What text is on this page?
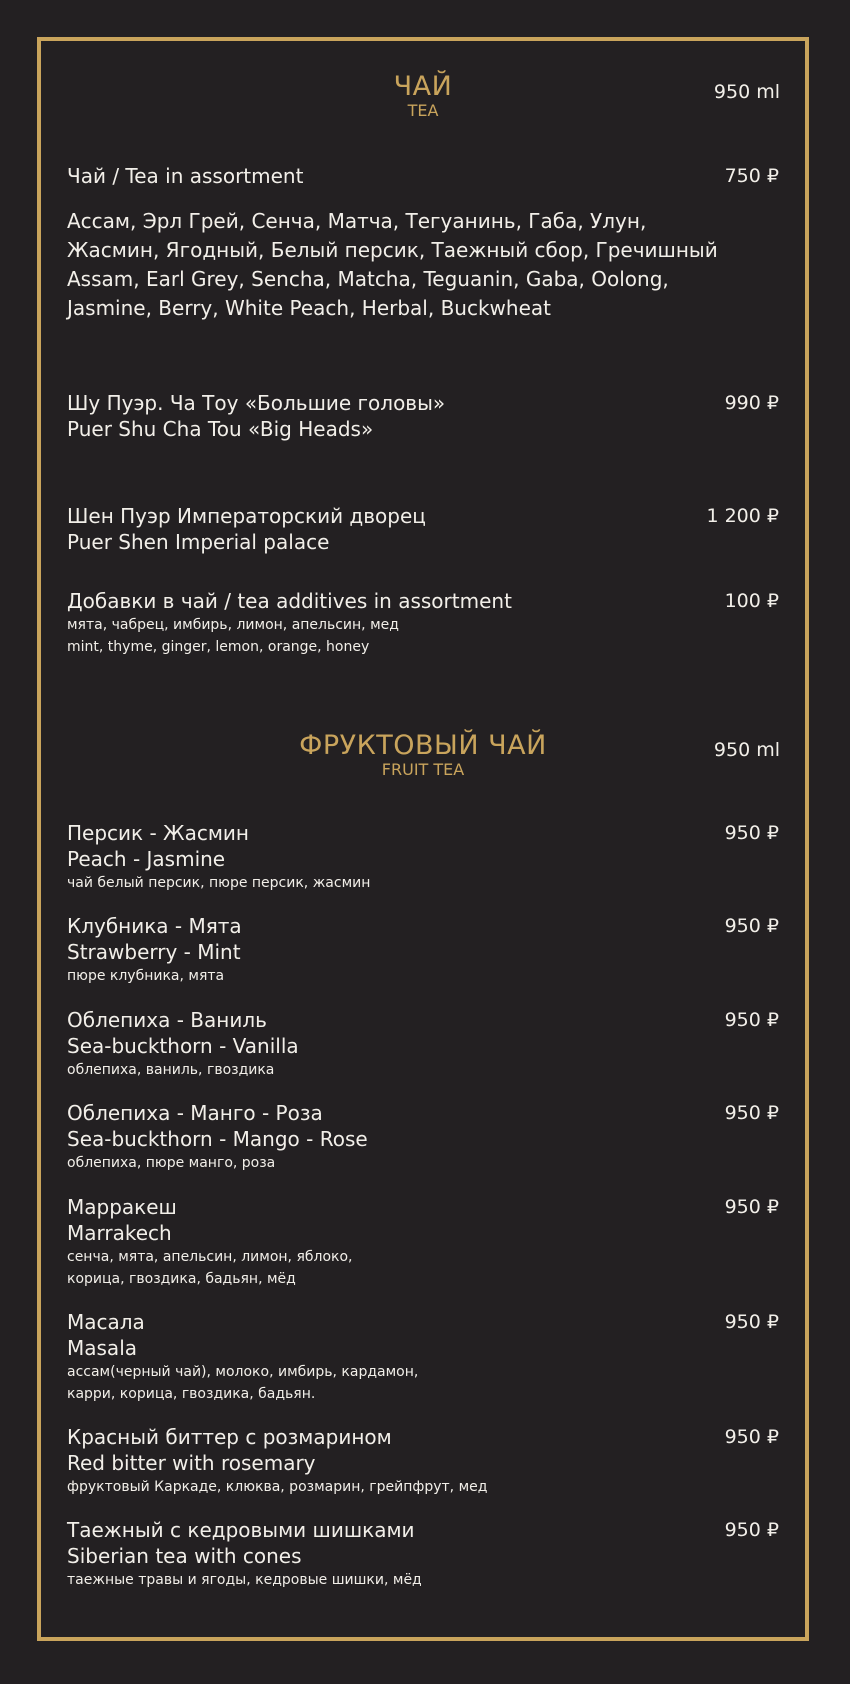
ЧАЙ
TEA
950 ml
Чай / Tea in assortment	750 ₽
Ассам, Эрл Грей, Сенча, Матча, Тегуанинь, Габа, Улун,
Жасмин, Ягодный, Белый персик, Таежный сбор, Гречишный
Assam, Earl Grey, Sencha, Matcha, Teguanin, Gaba, Oolong,
Jasmine, Berry, White Peach, Herbal, Buckwheat
Шу Пуэр. Ча Тоу «Большие головы»
Puer Shu Cha Tou «Big Heads»
990 ₽
Шен Пуэр Императорский дворец
Puer Shen Imperial palace
1 200 ₽
Добавки в чай / tea additives in assortment
мята, чабрец, имбирь, лимон, апельсин, мед
mint, thyme, ginger, lemon, orange, honey
100 ₽
ФРУКТОВЫЙ ЧАЙ
FRUIT TEA
950 ml
Персик - Жасмин
Peach - Jasmine
чай белый персик, пюре персик, жасмин
950 ₽
Клубника - Мята
Strawberry - Mint
пюре клубника, мята
950 ₽
Облепиха - Ваниль
Sea-buckthorn - Vanilla
облепиха, ваниль, гвоздика
950 ₽
Облепиха - Манго - Роза
Sea-buckthorn - Mango - Rose
облепиха, пюре манго, роза
950 ₽
Марракеш
Marrakech
сенча, мята, апельсин, лимон, яблоко,
корица, гвоздика, бадьян, мёд
950 ₽
Масала
Masala
ассам(черный чай), молоко, имбирь, кардамон,
карри, корица, гвоздика, бадьян.
950 ₽
Красный биттер с розмарином
Red bitter with rosemary
фруктовый Каркаде, клюква, розмарин, грейпфрут, мед
950 ₽
Таежный с кедровыми шишками
Siberian tea with cones
таежные травы и ягоды, кедровые шишки, мёд
950 ₽
